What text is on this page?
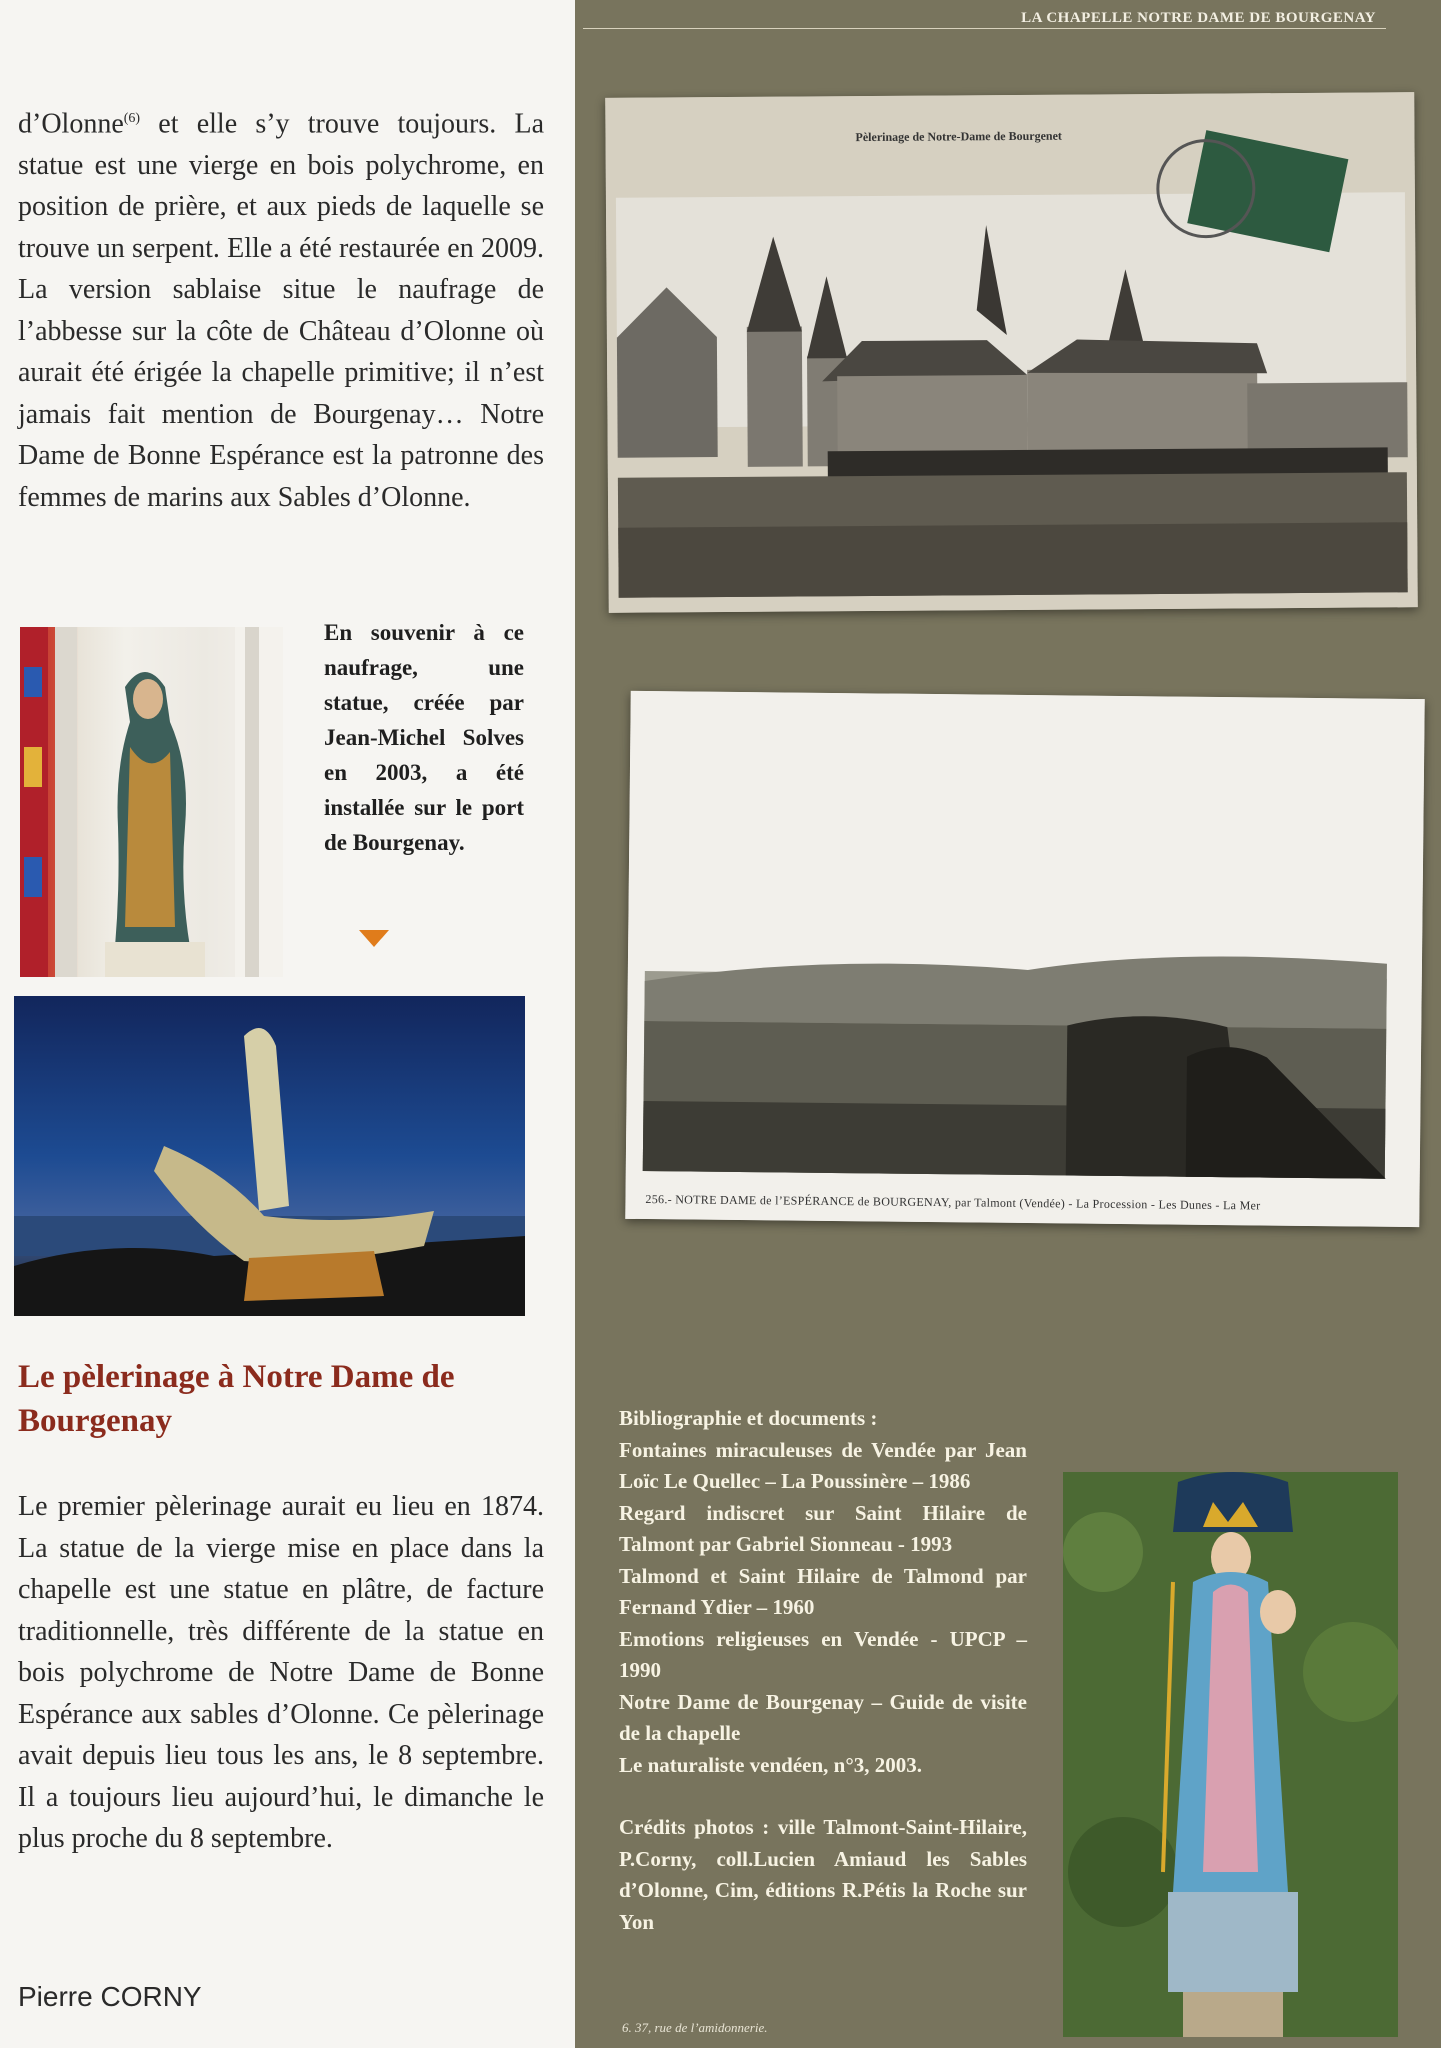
LA CHAPELLE NOTRE DAME DE BOURGENAY
d’Olonne$^{(6)}$ et elle s’y trouve toujours. La statue est une vierge en bois polychrome, en position de prière, et aux pieds de laquelle se trouve un serpent. Elle a été restaurée en 2009. La version sablaise situe le naufrage de l’abbesse sur la côte de Château d’Olonne où aurait été érigée la chapelle primitive; il n’est jamais fait mention de Bourgenay… Notre Dame de Bonne Espérance est la patronne des femmes de marins aux Sables d’Olonne.
En souvenir à ce naufrage, une statue, créée par Jean-Michel Solves en 2003, a été installée sur le port de Bourgenay.
Le pèlerinage à Notre Dame de Bourgenay
Le premier pèlerinage aurait eu lieu en 1874. La statue de la vierge mise en place dans la chapelle est une statue en plâtre, de facture traditionnelle, très différente de la statue en bois polychrome de Notre Dame de Bonne Espérance aux sables d’Olonne. Ce pèlerinage avait depuis lieu tous les ans, le 8 septembre. Il a toujours lieu aujourd’hui, le dimanche le plus proche du 8 septembre.
Pierre CORNY
Pèlerinage de Notre-Dame de Bourgenet
256.- NOTRE DAME de l’ESPÉRANCE de BOURGENAY, par Talmont (Vendée) - La Procession - Les Dunes - La Mer

Bibliographie et documents :

Fontaines miraculeuses de Vendée par Jean Loïc Le Quellec – La Poussinère – 1986

Regard indiscret sur Saint Hilaire de Talmont par Gabriel Sionneau - 1993

Talmond et Saint Hilaire de Talmond par Fernand Ydier – 1960

Emotions religieuses en Vendée - UPCP – 1990

Notre Dame de Bourgenay – Guide de visite de la chapelle

Le naturaliste vendéen, n°3, 2003.

Crédits photos : ville Talmont-Saint-Hilaire, P.Corny, coll.Lucien Amiaud les Sables d’Olonne, Cim, éditions R.Pétis la Roche sur Yon

6. 37, rue de l’amidonnerie.
